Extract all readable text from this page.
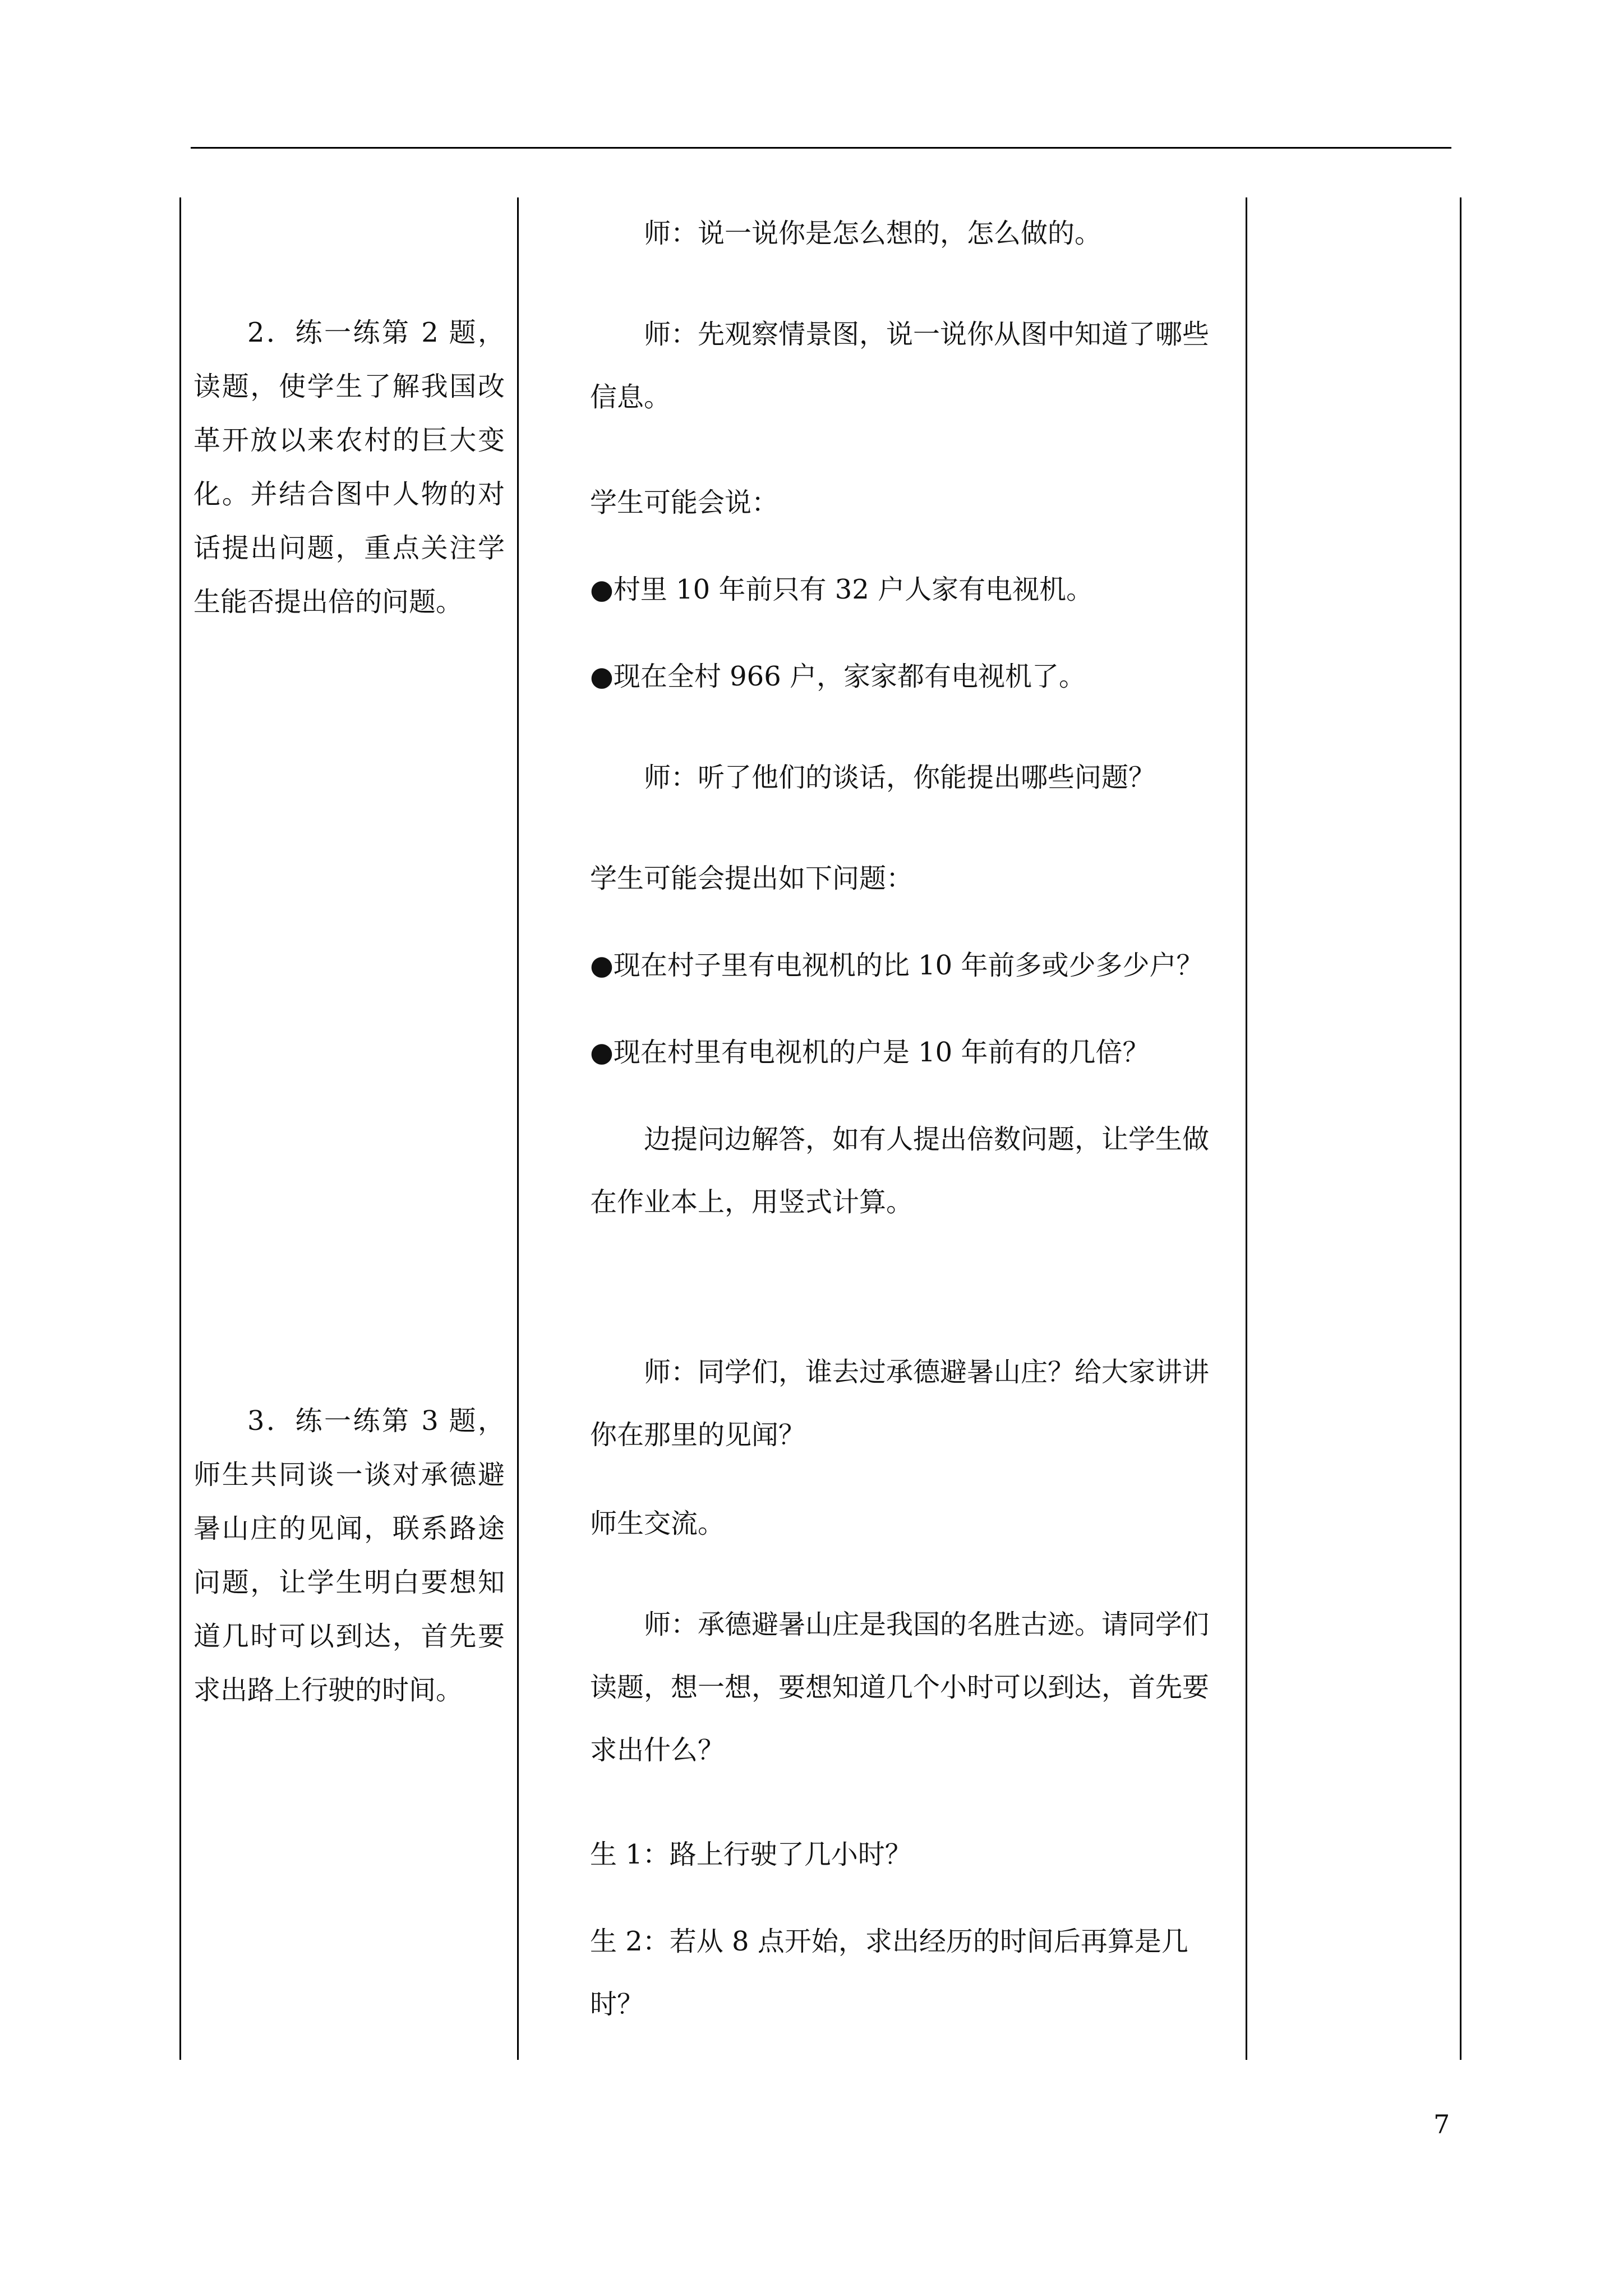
2．练一练第 2 题，读题，使学生了解我国改革开放以来农村的巨大变化。并结合图中人物的对话提出问题，重点关注学生能否提出倍的问题。

3．练一练第 3 题，师生共同谈一谈对承德避暑山庄的见闻，联系路途问题，让学生明白要想知道几时可以到达，首先要求出路上行驶的时间。

师：说一说你是怎么想的，怎么做的。

师：先观察情景图，说一说你从图中知道了哪些信息。

学生可能会说：

●村里 10 年前只有 32 户人家有电视机。

●现在全村 966 户，家家都有电视机了。

师：听了他们的谈话，你能提出哪些问题？

学生可能会提出如下问题：

●现在村子里有电视机的比 10 年前多或少多少户？

●现在村里有电视机的户是 10 年前有的几倍？

边提问边解答，如有人提出倍数问题，让学生做在作业本上，用竖式计算。

师：同学们，谁去过承德避暑山庄？给大家讲讲你在那里的见闻？

师生交流。

师：承德避暑山庄是我国的名胜古迹。请同学们读题，想一想，要想知道几个小时可以到达，首先要求出什么？

生 1：路上行驶了几小时？

生 2：若从 8 点开始，求出经历的时间后再算是几时？

7
